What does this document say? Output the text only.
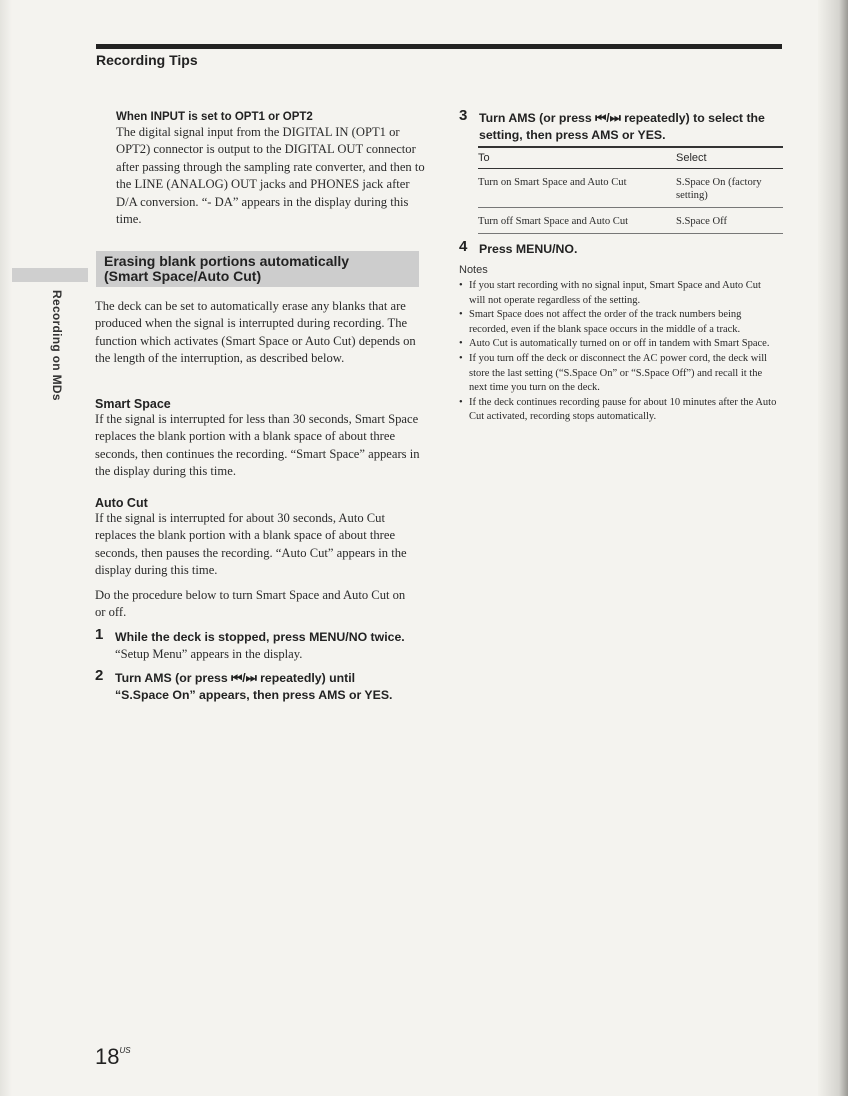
Recording Tips
Recording on MDs
When INPUT is set to OPT1 or OPT2
The digital signal input from the DIGITAL IN (OPT1 or OPT2) connector is output to the DIGITAL OUT connector after passing through the sampling rate converter, and then to the LINE (ANALOG) OUT jacks and PHONES jack after D/A conversion. “- DA” appears in the display during this time.
Erasing blank portions automatically
(Smart Space/Auto Cut)
The deck can be set to automatically erase any blanks that are produced when the signal is interrupted during recording. The function which activates (Smart Space or Auto Cut) depends on the length of the interruption, as described below.
Smart Space
If the signal is interrupted for less than 30 seconds, Smart Space replaces the blank portion with a blank space of about three seconds, then continues the recording. “Smart Space” appears in the display during this time.
Auto Cut
If the signal is interrupted for about 30 seconds, Auto Cut replaces the blank portion with a blank space of about three seconds, then pauses the recording. “Auto Cut” appears in the display during this time.
Do the procedure below to turn Smart Space and Auto Cut on or off.
1 While the deck is stopped, press MENU/NO twice.
“Setup Menu” appears in the display.
2 Turn AMS (or press ⏮/⏭ repeatedly) until “S.Space On” appears, then press AMS or YES.
3 Turn AMS (or press ⏮/⏭ repeatedly) to select the setting, then press AMS or YES.
To	Select
Turn on Smart Space and Auto Cut	S.Space On (factory setting)
Turn off Smart Space and Auto Cut	S.Space Off
4 Press MENU/NO.
Notes
• If you start recording with no signal input, Smart Space and Auto Cut will not operate regardless of the setting.
• Smart Space does not affect the order of the track numbers being recorded, even if the blank space occurs in the middle of a track.
• Auto Cut is automatically turned on or off in tandem with Smart Space.
• If you turn off the deck or disconnect the AC power cord, the deck will store the last setting (“S.Space On” or “S.Space Off”) and recall it the next time you turn on the deck.
• If the deck continues recording pause for about 10 minutes after the Auto Cut activated, recording stops automatically.
$18^{US}$
